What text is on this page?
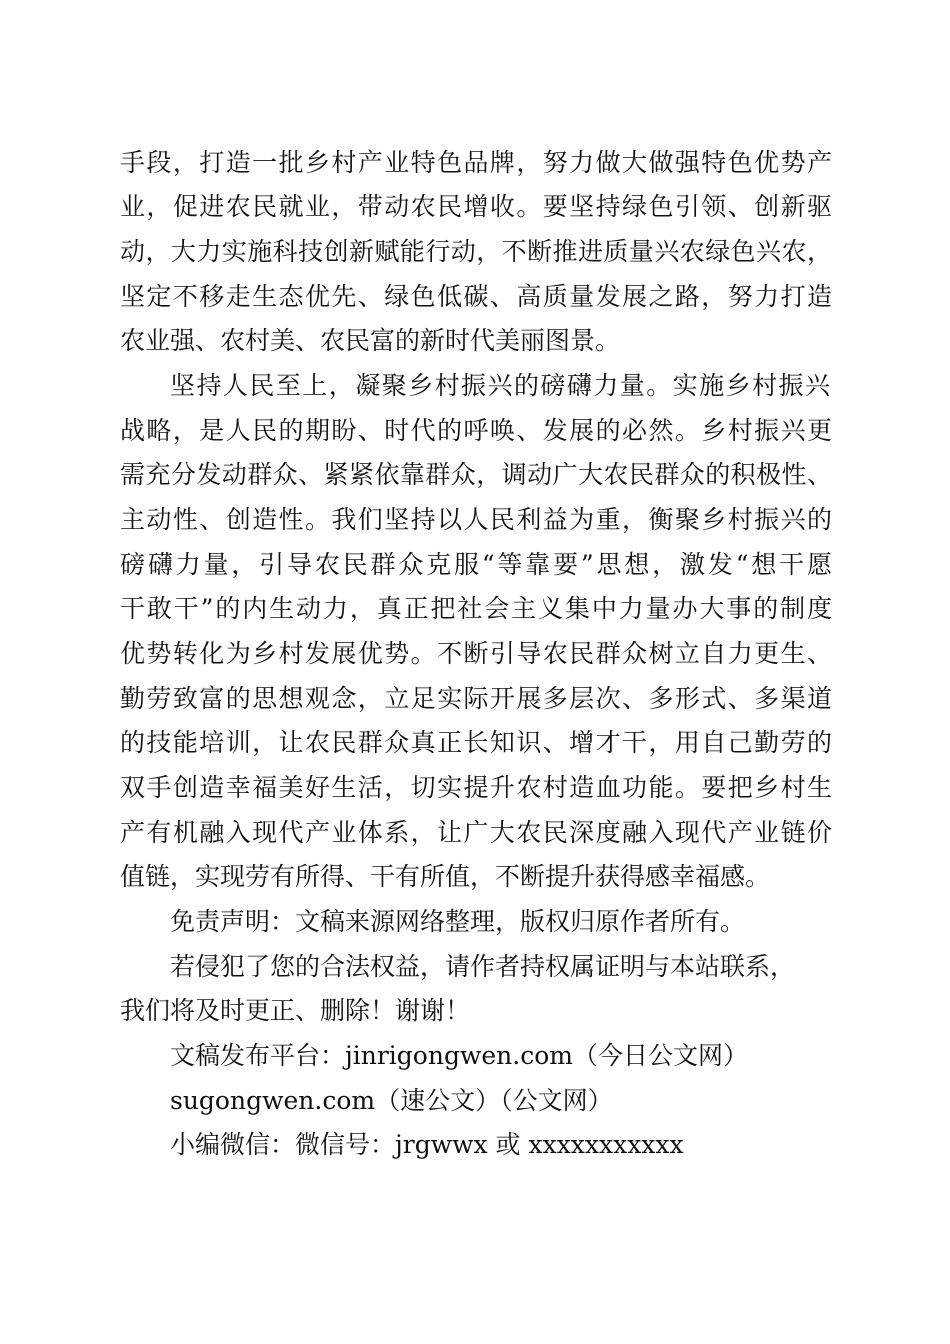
手段，打造一批乡村产业特色品牌，努力做大做强特色优势产
业，促进农民就业，带动农民增收。要坚持绿色引领、创新驱
动，大力实施科技创新赋能行动，不断推进质量兴农绿色兴农，
坚定不移走生态优先、绿色低碳、高质量发展之路，努力打造
农业强、农村美、农民富的新时代美丽图景。
坚持人民至上，凝聚乡村振兴的磅礴力量。实施乡村振兴
战略，是人民的期盼、时代的呼唤、发展的必然。乡村振兴更
需充分发动群众、紧紧依靠群众，调动广大农民群众的积极性、
主动性、创造性。我们坚持以人民利益为重，衡聚乡村振兴的
磅礴力量，引导农民群众克服“等靠要”思想，激发“想干愿
干敢干”的内生动力，真正把社会主义集中力量办大事的制度
优势转化为乡村发展优势。不断引导农民群众树立自力更生、
勤劳致富的思想观念，立足实际开展多层次、多形式、多渠道
的技能培训，让农民群众真正长知识、增才干，用自己勤劳的
双手创造幸福美好生活，切实提升农村造血功能。要把乡村生
产有机融入现代产业体系，让广大农民深度融入现代产业链价
值链，实现劳有所得、干有所值，不断提升获得感幸福感。
免责声明：文稿来源网络整理，版权归原作者所有。
若侵犯了您的合法权益，请作者持权属证明与本站联系，
我们将及时更正、删除！谢谢！
文稿发布平台：jinrigongwen.com（今日公文网）
sugongwen.com（速公文）（公文网）
小编微信：微信号：jrgwwx 或 xxxxxxxxxxx
